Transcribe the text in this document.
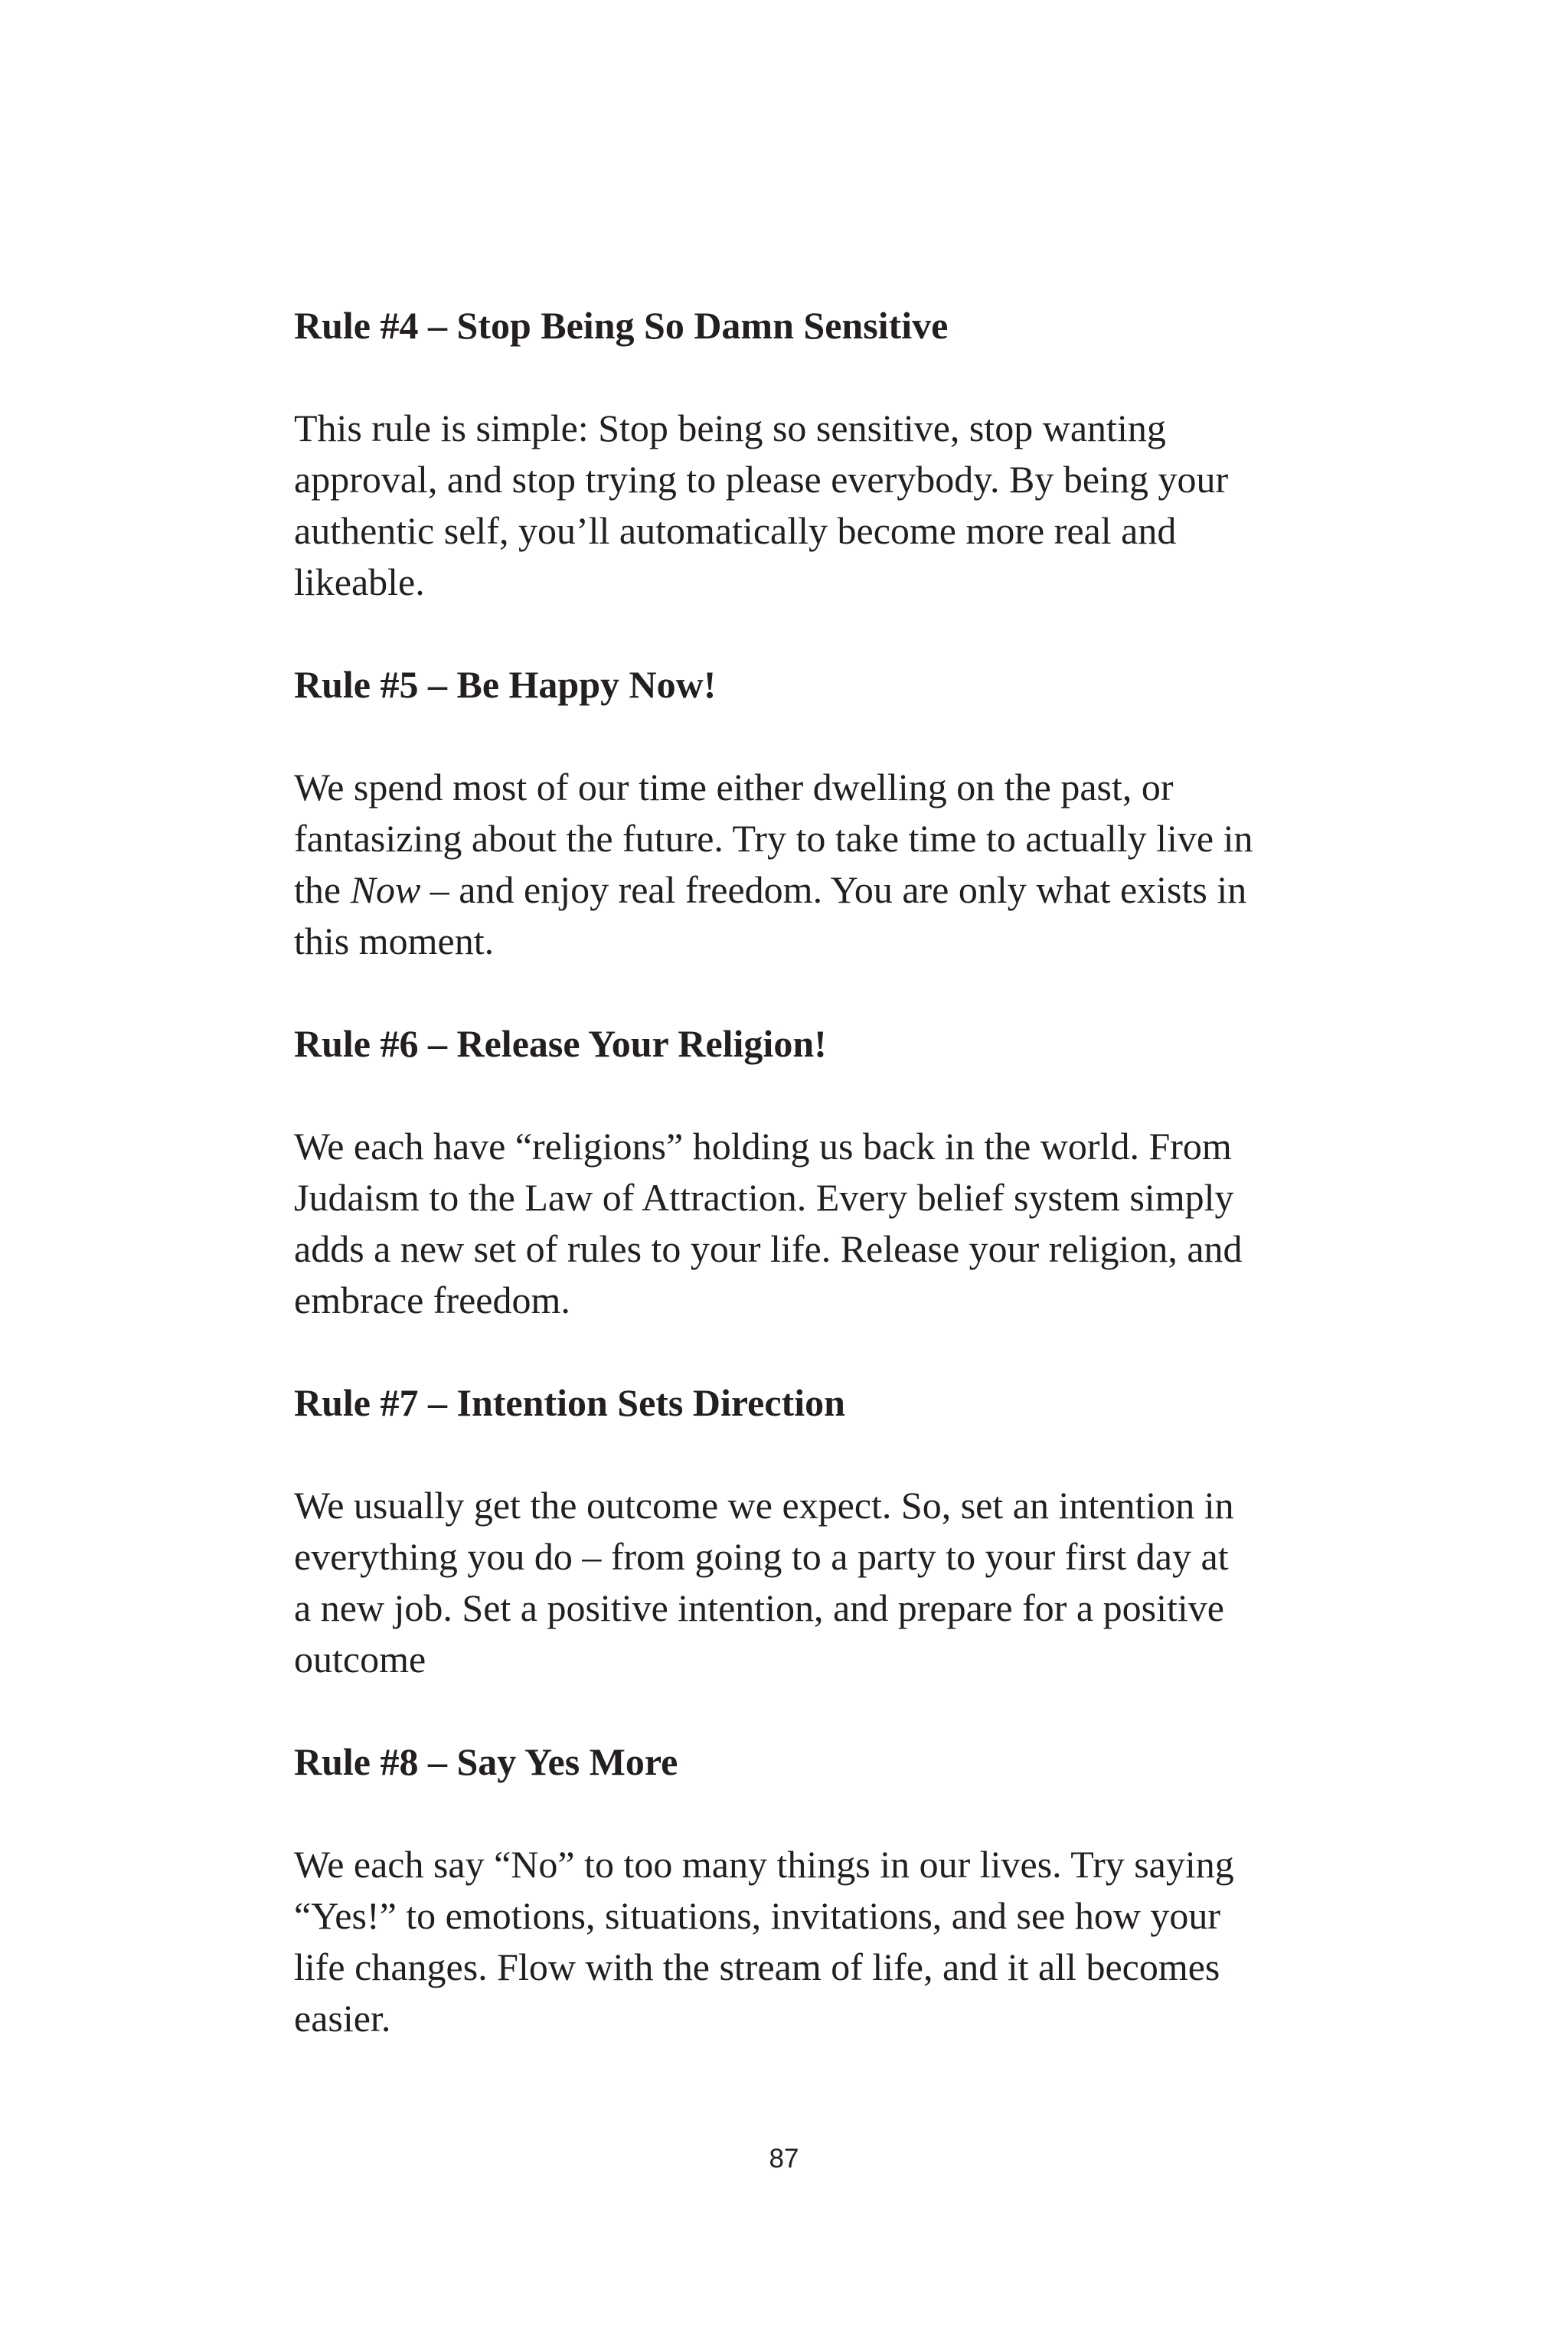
Rule #4 – Stop Being So Damn Sensitive

This rule is simple: Stop being so sensitive, stop wanting
approval, and stop trying to please everybody. By being your
authentic self, you’ll automatically become more real and
likeable.

Rule #5 – Be Happy Now!

We spend most of our time either dwelling on the past, or
fantasizing about the future. Try to take time to actually live in
the Now – and enjoy real freedom. You are only what exists in
this moment.

Rule #6 – Release Your Religion!

We each have “religions” holding us back in the world. From
Judaism to the Law of Attraction. Every belief system simply
adds a new set of rules to your life. Release your religion, and
embrace freedom.

Rule #7 – Intention Sets Direction

We usually get the outcome we expect. So, set an intention in
everything you do – from going to a party to your first day at
a new job. Set a positive intention, and prepare for a positive
outcome

Rule #8 – Say Yes More

We each say “No” to too many things in our lives. Try saying
“Yes!” to emotions, situations, invitations, and see how your
life changes. Flow with the stream of life, and it all becomes
easier.

87
